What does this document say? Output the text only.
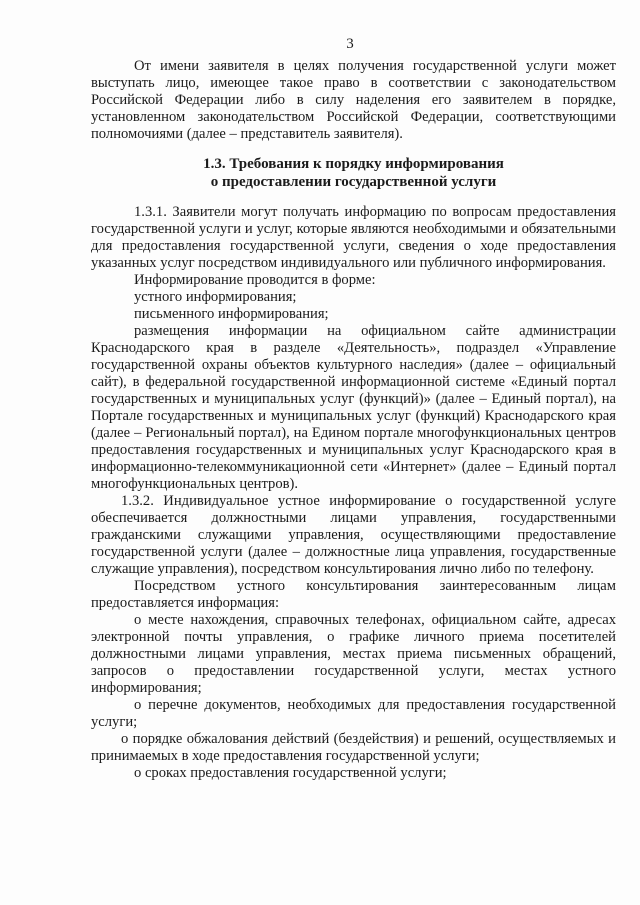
3

От имени заявителя в целях получения государственной услуги может выступать лицо, имеющее такое право в соответствии с законодательством Российской Федерации либо в силу наделения его заявителем в порядке, установленном законодательством Российской Федерации, соответствующими полномочиями (далее – представитель заявителя).

1.3. Требования к порядку информирования
о предоставлении государственной услуги

1.3.1. Заявители могут получать информацию по вопросам предоставления государственной услуги и услуг, которые являются необходимыми и обязательными для предоставления государственной услуги, сведения о ходе предоставления указанных услуг посредством индивидуального или публичного информирования.

Информирование проводится в форме:

устного информирования;

письменного информирования;

размещения информации на официальном сайте администрации Краснодарского края в разделе «Деятельность», подраздел «Управление государственной охраны объектов культурного наследия» (далее – официальный сайт), в федеральной государственной информационной системе «Единый портал государственных и муниципальных услуг (функций)» (далее – Единый портал), на Портале государственных и муниципальных услуг (функций) Краснодарского края (далее – Региональный портал), на Едином портале многофункциональных центров предоставления государственных и муниципальных услуг Краснодарского края в информационно-телекоммуникационной сети «Интернет» (далее – Единый портал многофункциональных центров).

1.3.2. Индивидуальное устное информирование о государственной услуге обеспечивается должностными лицами управления, государственными гражданскими служащими управления, осуществляющими предоставление государственной услуги (далее – должностные лица управления, государственные служащие управления), посредством консультирования лично либо по телефону.

Посредством устного консультирования заинтересованным лицам предоставляется информация:

о месте нахождения, справочных телефонах, официальном сайте, адресах электронной почты управления, о графике личного приема посетителей должностными лицами управления, местах приема письменных обращений, запросов о предоставлении государственной услуги, местах устного информирования;

о перечне документов, необходимых для предоставления государственной услуги;

о порядке обжалования действий (бездействия) и решений, осуществляемых и принимаемых в ходе предоставления государственной услуги;

о сроках предоставления государственной услуги;
